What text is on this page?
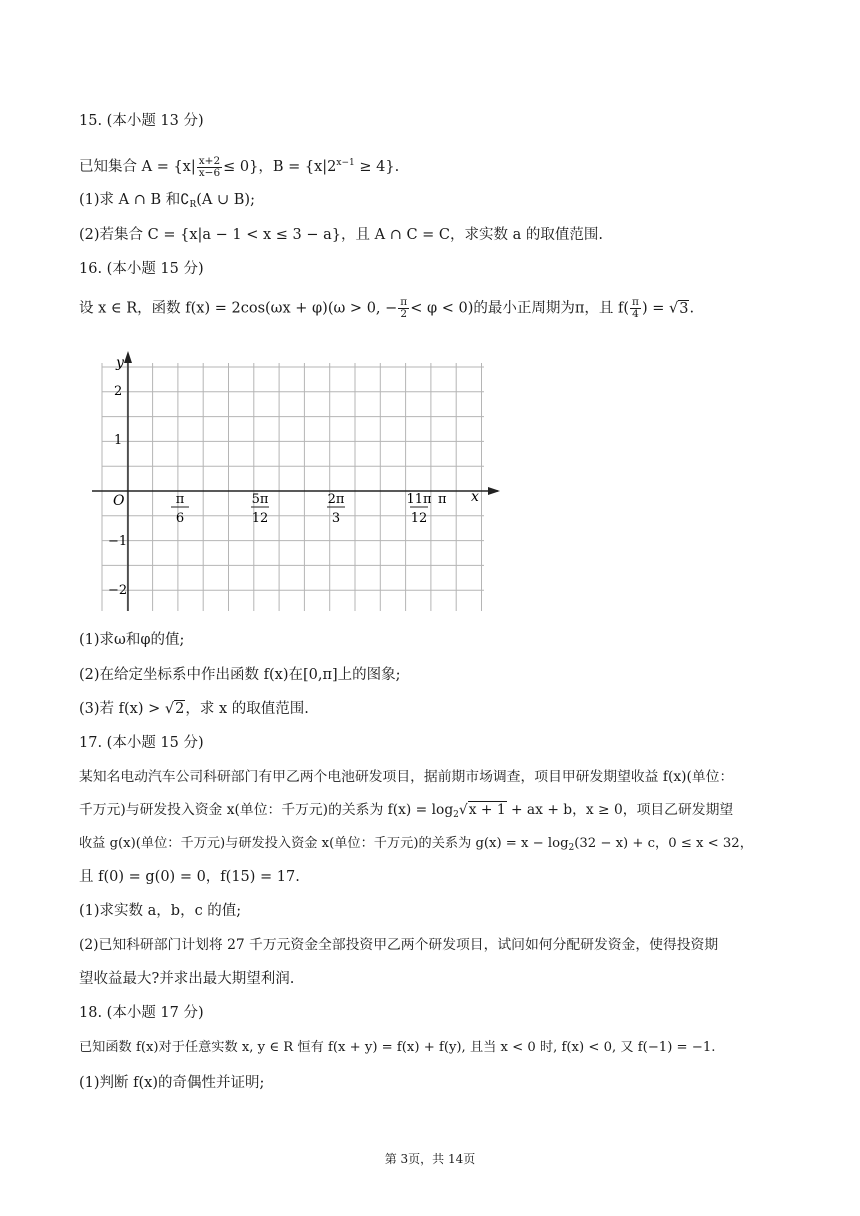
15. (本小题 13 分)
已知集合 $A = \{x| \frac{x+2}{x-6} \le 0\}$，$B = \{x|2^{x-1} \ge 4\}$.
(1)求 A ∩ B 和$∁_R(A$ ∪ B);
(2)若集合 C = {x|a − 1 < x ≤ 3 − a}，且 A ∩ C = C，求实数 a 的取值范围.
16. (本小题 15 分)
设 x ∈ R，函数 f(x) = 2cos(ωx + φ)(ω > 0, − $\frac{\pi}{2} < \varphi < 0$)的最小正周期为π，且 $f( \frac{\pi}{4}$ ) = √3.
y
x
O
2
1
−1
−2
π
6
5π
12
2π
3
11π
12
π
(1)求ω和φ的值;
(2)在给定坐标系中作出函数 f(x)在[0,π]上的图象;
(3)若 f(x) > √2，求 x 的取值范围.
17. (本小题 15 分)
某知名电动汽车公司科研部门有甲乙两个电池研发项目，据前期市场调查，项目甲研发期望收益 f(x)(单位：
千万元)与研发投入资金 x(单位：千万元)的关系为 $f(x) = \log_2√x + 1$ + ax + b，x ≥ 0，项目乙研发期望
收益 g(x)(单位：千万元)与研发投入资金 x(单位：千万元)的关系为 $g(x) = x - \log_2(32 - x) + c$，0 ≤ x < 32，
且 f(0) = g(0) = 0，f(15) = 17.
(1)求实数 a，b，c 的值;
(2)已知科研部门计划将 27 千万元资金全部投资甲乙两个研发项目，试问如何分配研发资金，使得投资期
望收益最大?并求出最大期望利润.
18. (本小题 17 分)
已知函数 f(x)对于任意实数 x, y ∈ R 恒有 f(x + y) = f(x) + f(y), 且当 x < 0 时, f(x) < 0, 又 f(−1) = −1.
(1)判断 f(x)的奇偶性并证明;
第 3页，共 14页
